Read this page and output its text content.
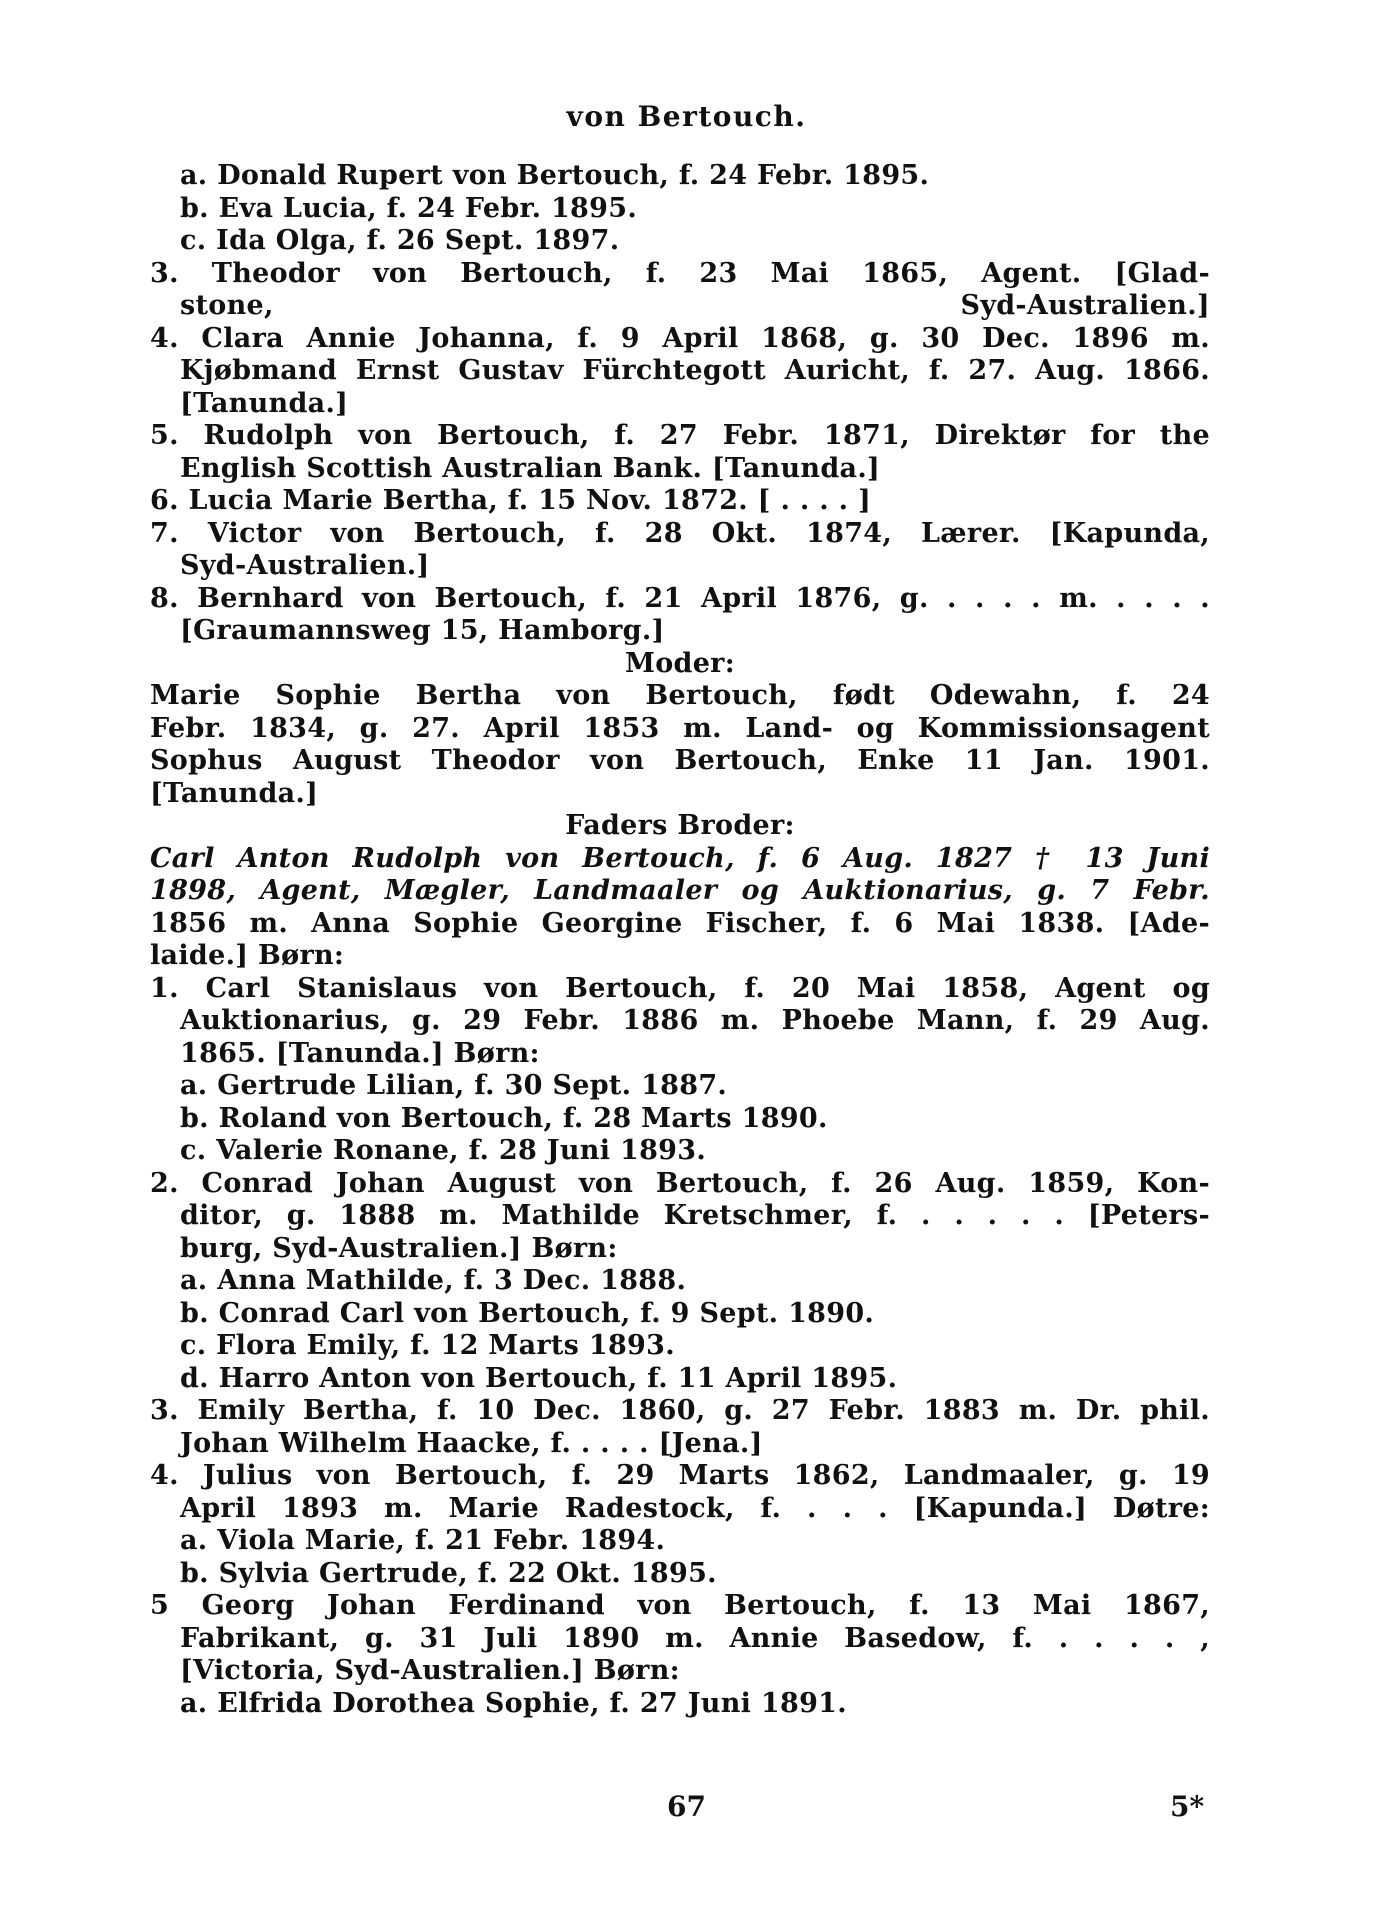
von Bertouch.
a. Donald Rupert von Bertouch, f. 24 Febr. 1895.
b. Eva Lucia, f. 24 Febr. 1895.
c. Ida Olga, f. 26 Sept. 1897.
3. Theodor von Bertouch, f. 23 Mai 1865, Agent. [Glad-
stone, Syd-Australien.]
4. Clara Annie Johanna, f. 9 April 1868, g. 30 Dec. 1896 m.
Kjøbmand Ernst Gustav Fürchtegott Auricht, f. 27. Aug. 1866.
[Tanunda.]
5. Rudolph von Bertouch, f. 27 Febr. 1871, Direktør for the
English Scottish Australian Bank. [Tanunda.]
6. Lucia Marie Bertha, f. 15 Nov. 1872. [ . . . . ]
7. Victor von Bertouch, f. 28 Okt. 1874, Lærer. [Kapunda,
Syd-Australien.]
8. Bernhard von Bertouch, f. 21 April 1876, g. . . . . m. . . . .
[Graumannsweg 15, Hamborg.]
Moder:
Marie Sophie Bertha von Bertouch, født Odewahn, f. 24
Febr. 1834, g. 27. April 1853 m. Land- og Kommissionsagent
Sophus August Theodor von Bertouch, Enke 11 Jan. 1901.
[Tanunda.]
Faders Broder:
Carl Anton Rudolph von Bertouch, f. 6 Aug. 1827 † 13 Juni
1898, Agent, Mægler, Landmaaler og Auktionarius, g. 7 Febr.
1856 m. Anna Sophie Georgine Fischer, f. 6 Mai 1838. [Ade-
laide.] Børn:
1. Carl Stanislaus von Bertouch, f. 20 Mai 1858, Agent og
Auktionarius, g. 29 Febr. 1886 m. Phoebe Mann, f. 29 Aug.
1865. [Tanunda.] Børn:
a. Gertrude Lilian, f. 30 Sept. 1887.
b. Roland von Bertouch, f. 28 Marts 1890.
c. Valerie Ronane, f. 28 Juni 1893.
2. Conrad Johan August von Bertouch, f. 26 Aug. 1859, Kon-
ditor, g. 1888 m. Mathilde Kretschmer, f. . . . . . [Peters-
burg, Syd-Australien.] Børn:
a. Anna Mathilde, f. 3 Dec. 1888.
b. Conrad Carl von Bertouch, f. 9 Sept. 1890.
c. Flora Emily, f. 12 Marts 1893.
d. Harro Anton von Bertouch, f. 11 April 1895.
3. Emily Bertha, f. 10 Dec. 1860, g. 27 Febr. 1883 m. Dr. phil.
Johan Wilhelm Haacke, f. . . . . [Jena.]
4. Julius von Bertouch, f. 29 Marts 1862, Landmaaler, g. 19
April 1893 m. Marie Radestock, f. . . . [Kapunda.] Døtre:
a. Viola Marie, f. 21 Febr. 1894.
b. Sylvia Gertrude, f. 22 Okt. 1895.
5 Georg Johan Ferdinand von Bertouch, f. 13 Mai 1867,
Fabrikant, g. 31 Juli 1890 m. Annie Basedow, f. . . . . ,
[Victoria, Syd-Australien.] Børn:
a. Elfrida Dorothea Sophie, f. 27 Juni 1891.
67	5*
